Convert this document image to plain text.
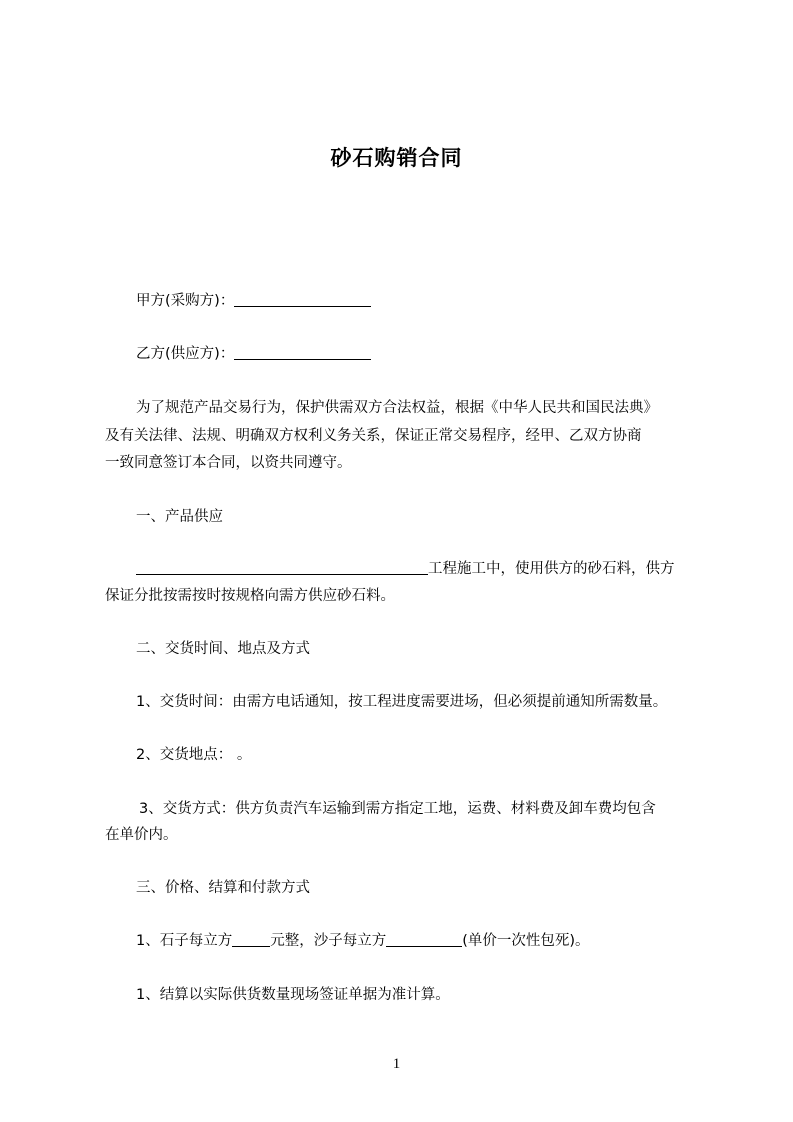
砂石购销合同
甲方(采购方)：
乙方(供应方)：
为了规范产品交易行为，保护供需双方合法权益，根据《中华人民共和国民法典》
及有关法律、法规、明确双方权利义务关系，保证正常交易程序，经甲、乙双方协商
一致同意签订本合同，以资共同遵守。
一、产品供应
工程施工中，使用供方的砂石料，供方
保证分批按需按时按规格向需方供应砂石料。
二、交货时间、地点及方式
1、交货时间：由需方电话通知，按工程进度需要进场，但必须提前通知所需数量。
2、交货地点： 。
3、交货方式：供方负责汽车运输到需方指定工地，运费、材料费及卸车费均包含
在单价内。
三、价格、结算和付款方式
1、石子每立方	元整，沙子每立方	(单价一次性包死)。
1、结算以实际供货数量现场签证单据为准计算。
1
